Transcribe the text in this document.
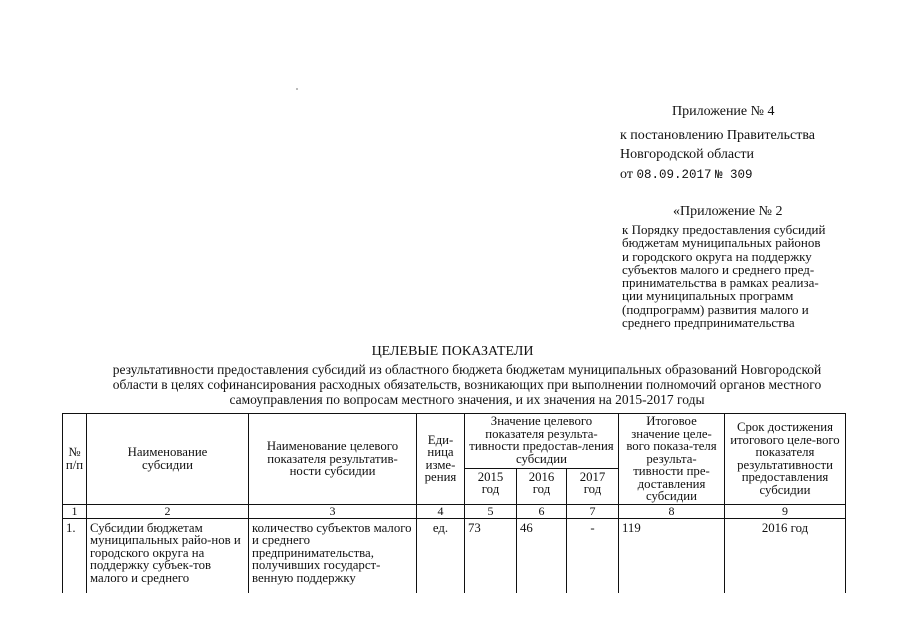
Приложение № 4
к постановлению Правительства
Новгородской области
от 08.09.2017 № 309
«Приложение № 2
к Порядку предоставления субсидий
бюджетам муниципальных районов
и городского округа на поддержку
субъектов малого и среднего пред-
принимательства в рамках реализа-
ции муниципальных программ
(подпрограмм) развития малого и
среднего предпринимательства
ЦЕЛЕВЫЕ ПОКАЗАТЕЛИ
результативности предоставления субсидий из областного бюджета бюджетам муниципальных образований Новгородской
области в целях софинансирования расходных обязательств, возникающих при выполнении полномочий органов местного
самоуправления по вопросам местного значения, и их значения на 2015-2017 годы
№ п/п	Наименование субсидии	Наименование целевого показателя результатив-ности субсидии	Еди-ница изме-рения	Значение целевого показателя результа-тивности предостав-ления субсидии			Итоговое значение целе-вого показа-теля результа-тивности пре-доставления субсидии	Срок достижения итогового целе-вого показателя результативности предоставления субсидии
				2015 год	2016 год	2017 год		
1	2	3	4	5	6	7	8	9
1.	Субсидии бюджетам муниципальных райо-нов и городского округа на поддержку субъек-тов малого и среднего	количество субъектов малого и среднего предпринимательства, получивших государст-венную поддержку	ед.	73	46	-	119	2016 год
